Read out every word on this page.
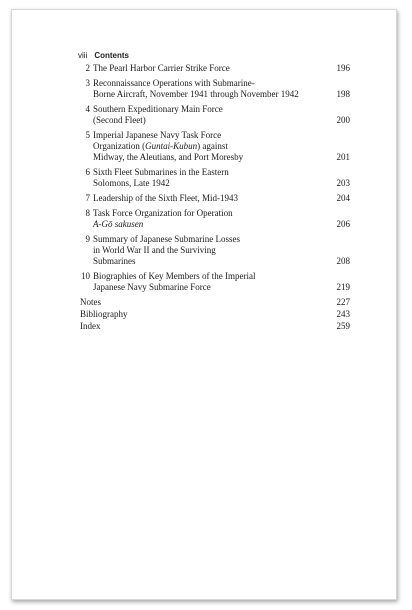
viii Contents
2 The Pearl Harbor Carrier Strike Force	196
3 Reconnaissance Operations with Submarine-
Borne Aircraft, November 1941 through November 1942	198
4 Southern Expeditionary Main Force
(Second Fleet)	200
5 Imperial Japanese Navy Task Force
Organization (Guntai-Kubun) against
Midway, the Aleutians, and Port Moresby	201
6 Sixth Fleet Submarines in the Eastern
Solomons, Late 1942	203
7 Leadership of the Sixth Fleet, Mid-1943	204
8 Task Force Organization for Operation
A-Gō sakusen	206
9 Summary of Japanese Submarine Losses
in World War II and the Surviving
Submarines	208
10 Biographies of Key Members of the Imperial
Japanese Navy Submarine Force	219
Notes	227
Bibliography	243
Index	259
